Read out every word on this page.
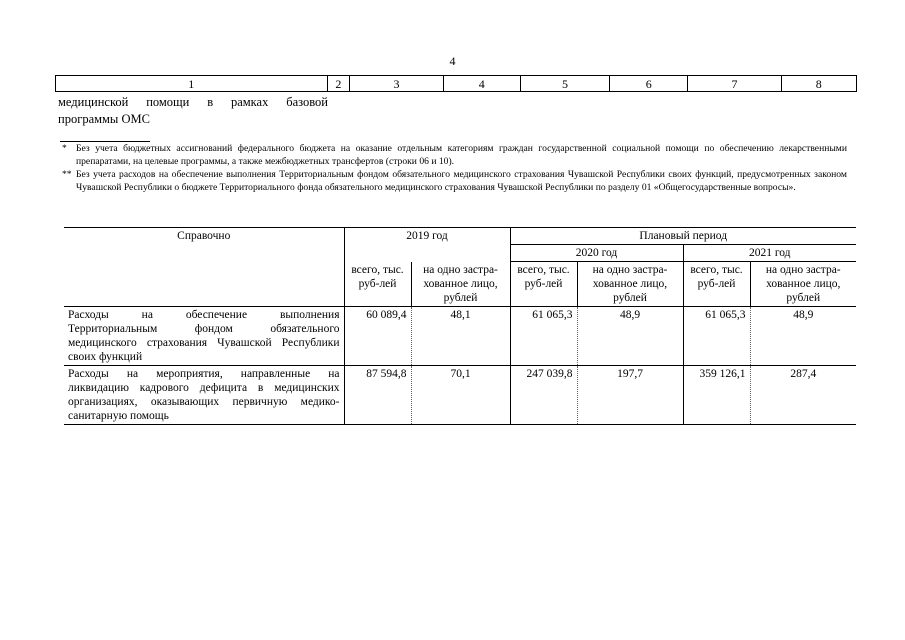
4
1	2	3	4	5	6	7	8
медицинской помощи в рамках базовой программы ОМС
* Без учета бюджетных ассигнований федерального бюджета на оказание отдельным категориям граждан государственной социальной помощи по обеспечению лекарственными препаратами, на целевые программы, а также межбюджетных трансфертов (строки 06 и 10).
** Без учета расходов на обеспечение выполнения Территориальным фондом обязательного медицинского страхования Чувашской Республики своих функций, предусмотренных законом Чувашской Республики о бюджете Территориального фонда обязательного медицинского страхования Чувашской Республики по разделу 01 «Общегосударственные вопросы».
Справочно	2019 год		Плановый период			
			2020 год		2021 год	
	всего, тыс. руб-лей	на одно застра-хованное лицо, рублей	всего, тыс. руб-лей	на одно застра-хованное лицо, рублей	всего, тыс. руб-лей	на одно застра-хованное лицо, рублей
Расходы на обеспечение выполнения Территориальным фондом обязательного медицинского страхования Чувашской Республики своих функций	60 089,4	48,1	61 065,3	48,9	61 065,3	48,9
Расходы на мероприятия, направленные на ликвидацию кадрового дефицита в медицинских организациях, оказывающих первичную медико-санитарную помощь	87 594,8	70,1	247 039,8	197,7	359 126,1	287,4
